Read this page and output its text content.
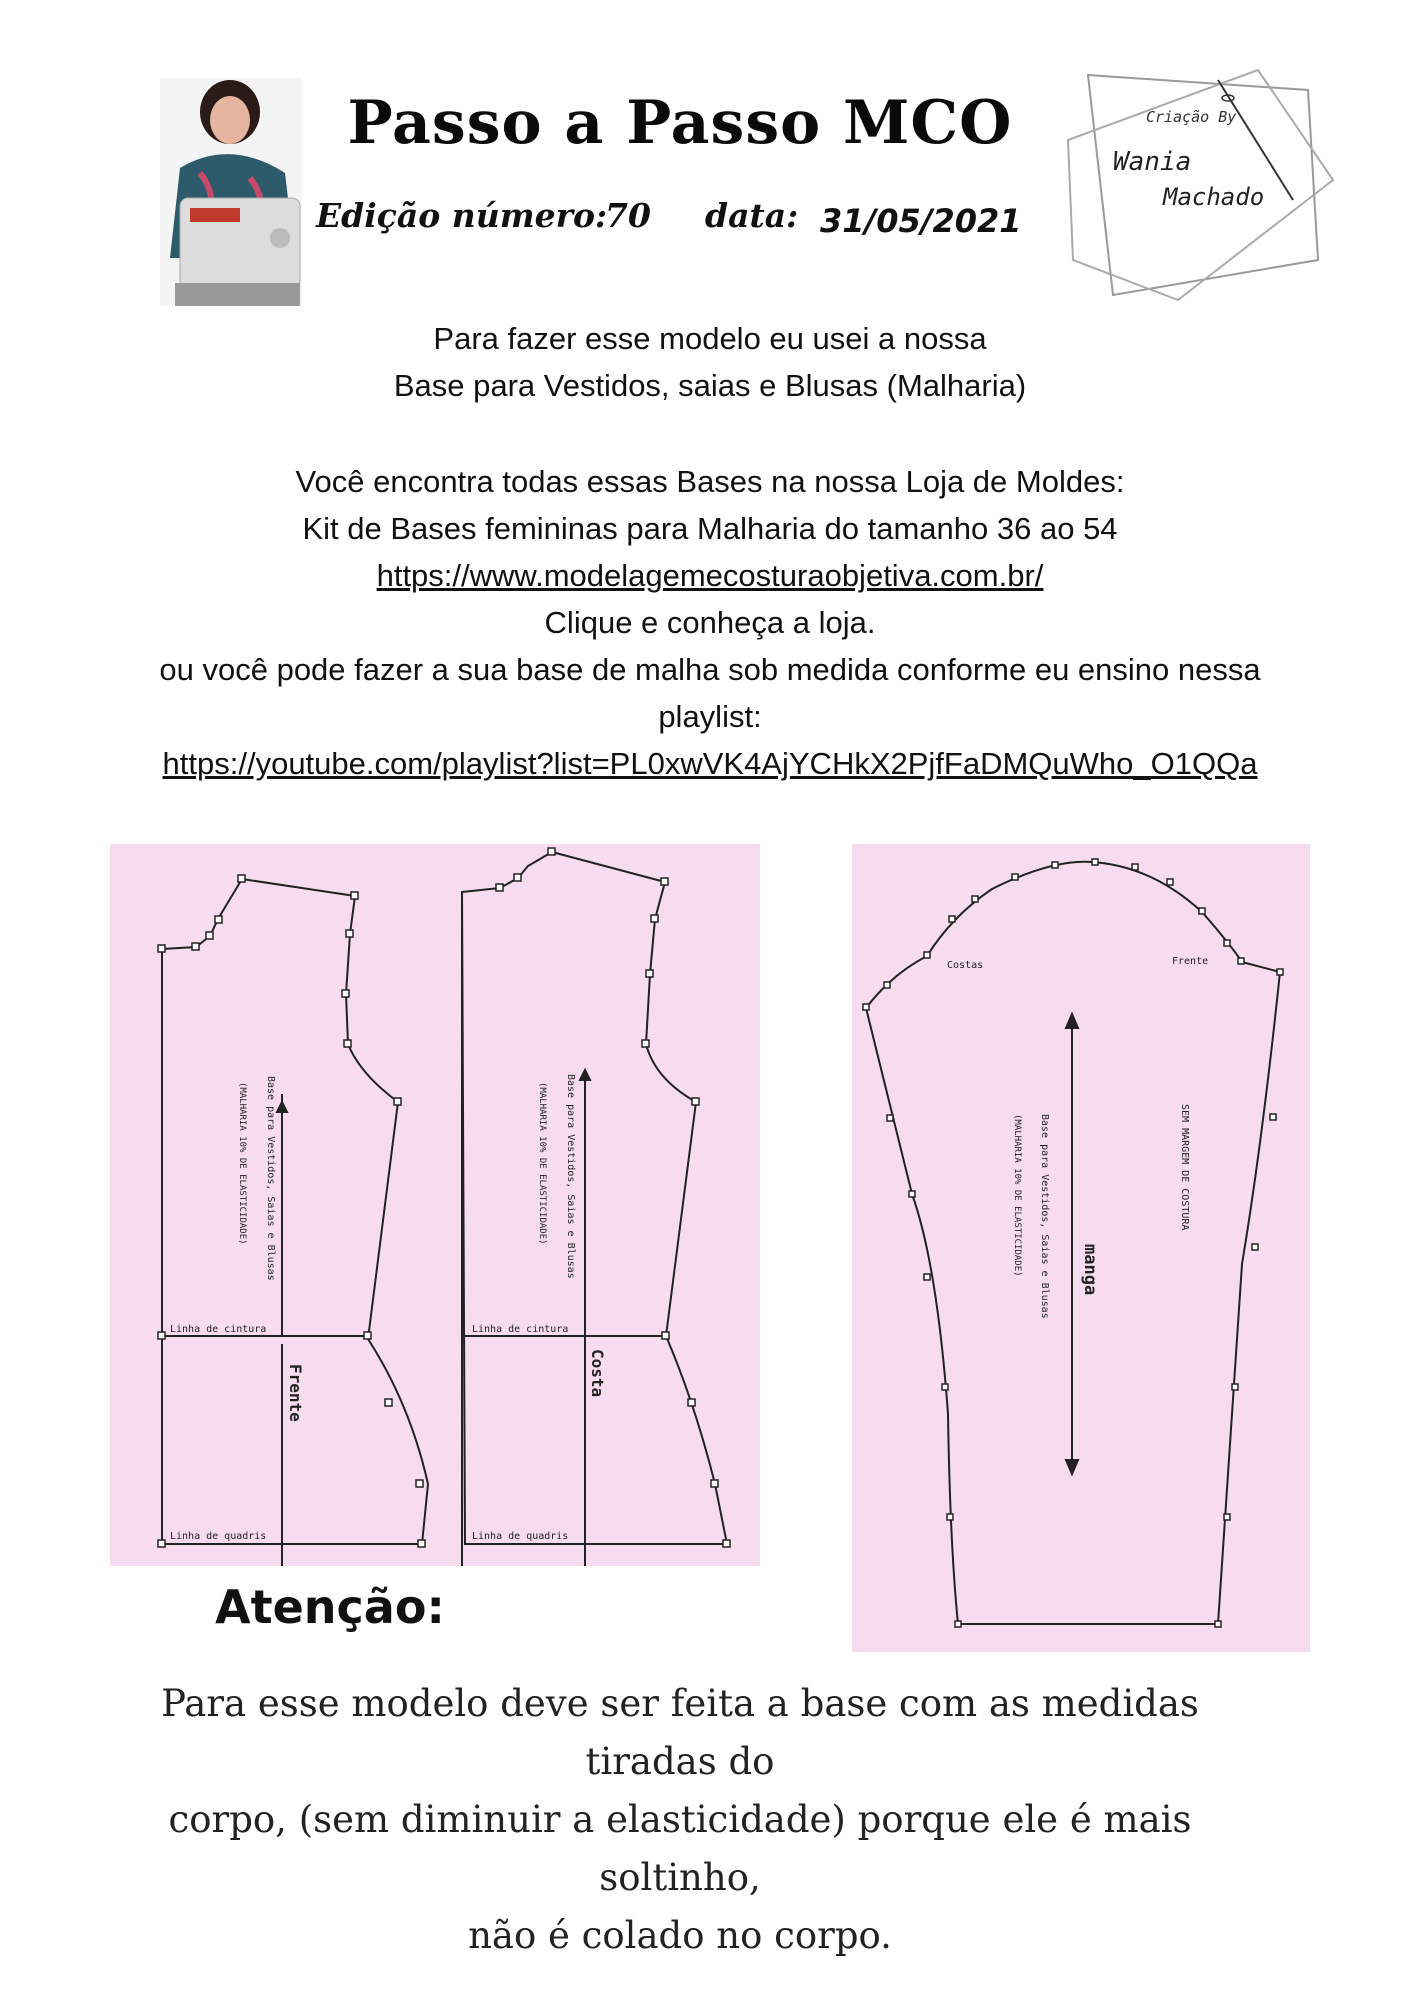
Passo a Passo MCO
Edição número:
70 data: 31/05/2021
Criação By
Wania
Machado
Para fazer esse modelo eu usei a nossa
Base para Vestidos, saias e Blusas (Malharia)
Você encontra todas essas Bases na nossa Loja de Moldes:
Kit de Bases femininas para Malharia do tamanho 36 ao 54
https://www.modelagemecosturaobjetiva.com.br/
Clique e conheça a loja.
ou você pode fazer a sua base de malha sob medida conforme eu ensino nessa
playlist:
https://youtube.com/playlist?list=PL0xwVK4AjYCHkX2PjfFaDMQuWho_O1QQa
Linha de cintura
Linha de quadris
Linha de cintura
Linha de quadris
Frente	Costa
Base para Vestidos, Saias e Blusas
(MALHARIA 10% DE ELASTICIDADE)	Base para Vestidos, Saias e Blusas
(MALHARIA 10% DE ELASTICIDADE)
Costas	Frente
manga
SEM MARGEM DE COSTURA
Base para Vestidos, Saias e Blusas
(MALHARIA 10% DE ELASTICIDADE)
Atenção:
Para esse modelo deve ser feita a base com as medidas tiradas do
corpo, (sem diminuir a elasticidade) porque ele é mais soltinho,
não é colado no corpo.
